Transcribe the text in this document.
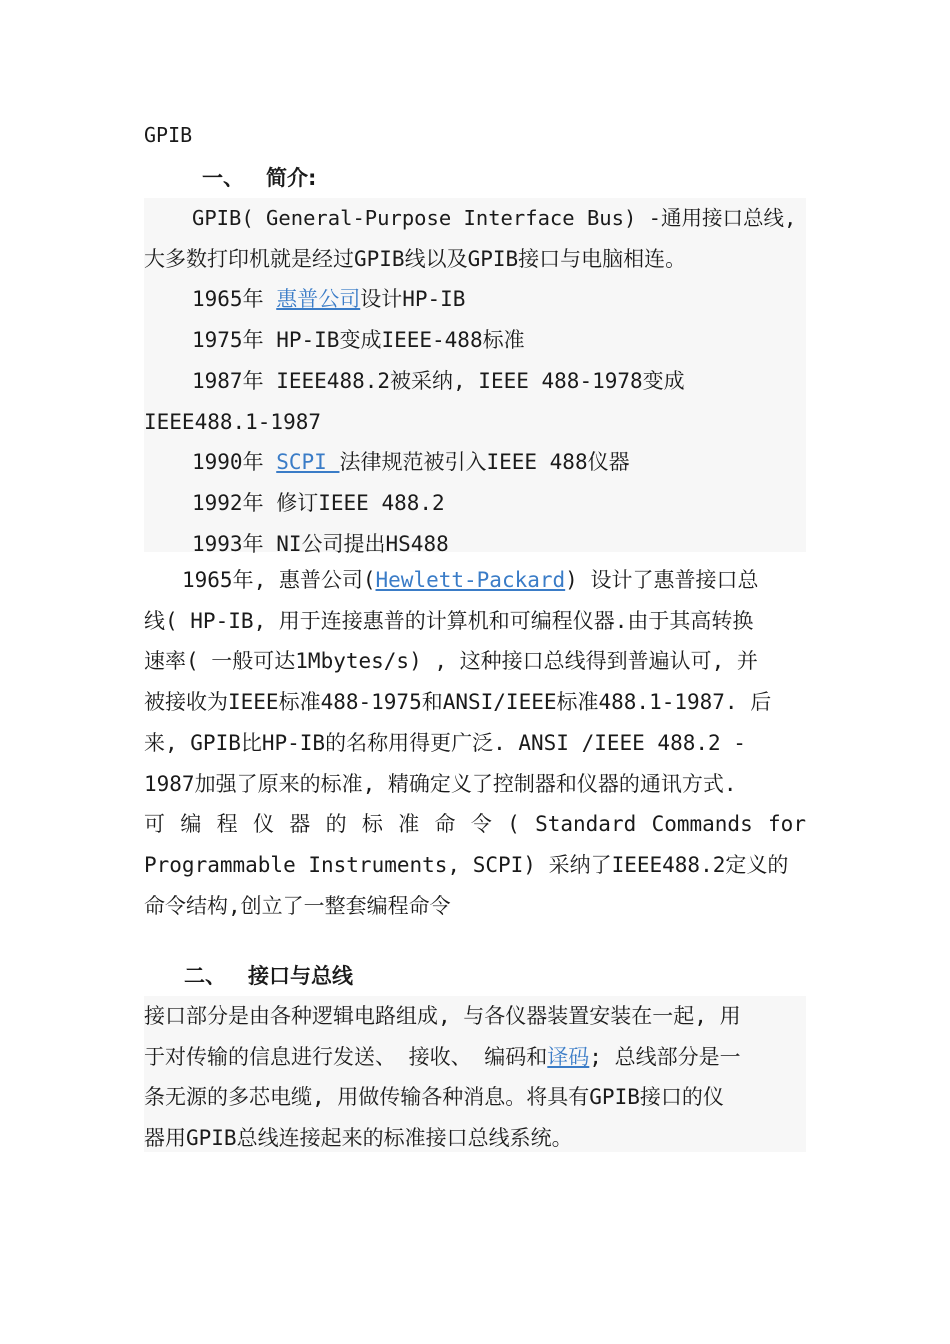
GPIB
一、 简介:
GPIB( General-Purpose Interface Bus) -通用接口总线,
大多数打印机就是经过GPIB线以及GPIB接口与电脑相连。
1965年 惠普公司设计HP-IB
1975年 HP-IB变成IEEE-488标准
1987年 IEEE488.2被采纳, IEEE 488-1978变成
IEEE488.1-1987
1990年 SCPI 法律规范被引入IEEE 488仪器
1992年 修订IEEE 488.2
1993年 NI公司提出HS488
1965年, 惠普公司(Hewlett-Packard) 设计了惠普接口总
线( HP-IB, 用于连接惠普的计算机和可编程仪器.由于其高转换
速率( 一般可达1Mbytes/s) , 这种接口总线得到普遍认可, 并
被接收为IEEE标准488-1975和ANSI/IEEE标准488.1-1987. 后
来, GPIB比HP-IB的名称用得更广泛. ANSI /IEEE 488.2 -
1987加强了原来的标准, 精确定义了控制器和仪器的通讯方式.
可 编 程 仪 器 的 标 准 命 令 ( Standard Commands for
Programmable Instruments, SCPI) 采纳了IEEE488.2定义的
命令结构,创立了一整套编程命令
二、 接口与总线
接口部分是由各种逻辑电路组成, 与各仪器装置安装在一起, 用
于对传输的信息进行发送、 接收、 编码和译码; 总线部分是一
条无源的多芯电缆, 用做传输各种消息。将具有GPIB接口的仪
器用GPIB总线连接起来的标准接口总线系统。
